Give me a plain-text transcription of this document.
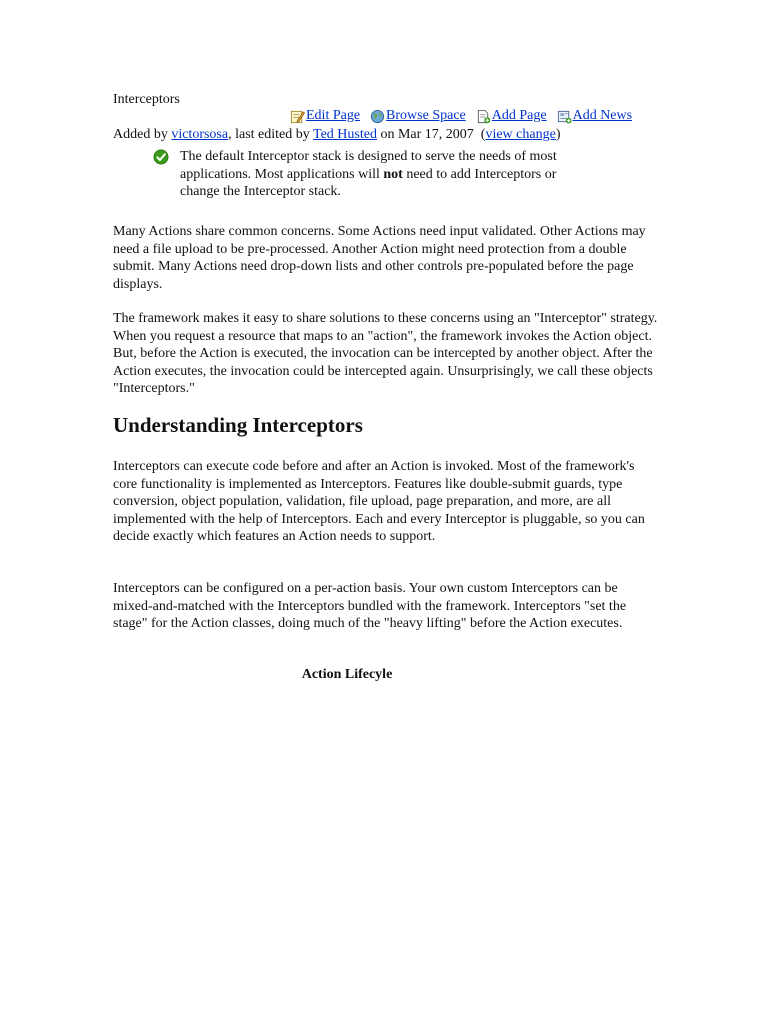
Interceptors
Edit Page Browse Space Add Page Add News
Added by victorsosa, last edited by Ted Husted on Mar 17, 2007 (view change)

The default Interceptor stack is designed to serve the needs of most applications. Most applications will not need to add Interceptors or change the Interceptor stack.

Many Actions share common concerns. Some Actions need input validated. Other Actions may need a file upload to be pre-processed. Another Action might need protection from a double submit. Many Actions need drop-down lists and other controls pre-populated before the page displays.

The framework makes it easy to share solutions to these concerns using an "Interceptor" strategy. When you request a resource that maps to an "action", the framework invokes the Action object. But, before the Action is executed, the invocation can be intercepted by another object. After the Action executes, the invocation could be intercepted again. Unsurprisingly, we call these objects "Interceptors."

Understanding Interceptors

Interceptors can execute code before and after an Action is invoked. Most of the framework's core functionality is implemented as Interceptors. Features like double-submit guards, type conversion, object population, validation, file upload, page preparation, and more, are all implemented with the help of Interceptors. Each and every Interceptor is pluggable, so you can decide exactly which features an Action needs to support.

Interceptors can be configured on a per-action basis. Your own custom Interceptors can be mixed-and-matched with the Interceptors bundled with the framework. Interceptors "set the stage" for the Action classes, doing much of the "heavy lifting" before the Action executes.

Action Lifecyle
